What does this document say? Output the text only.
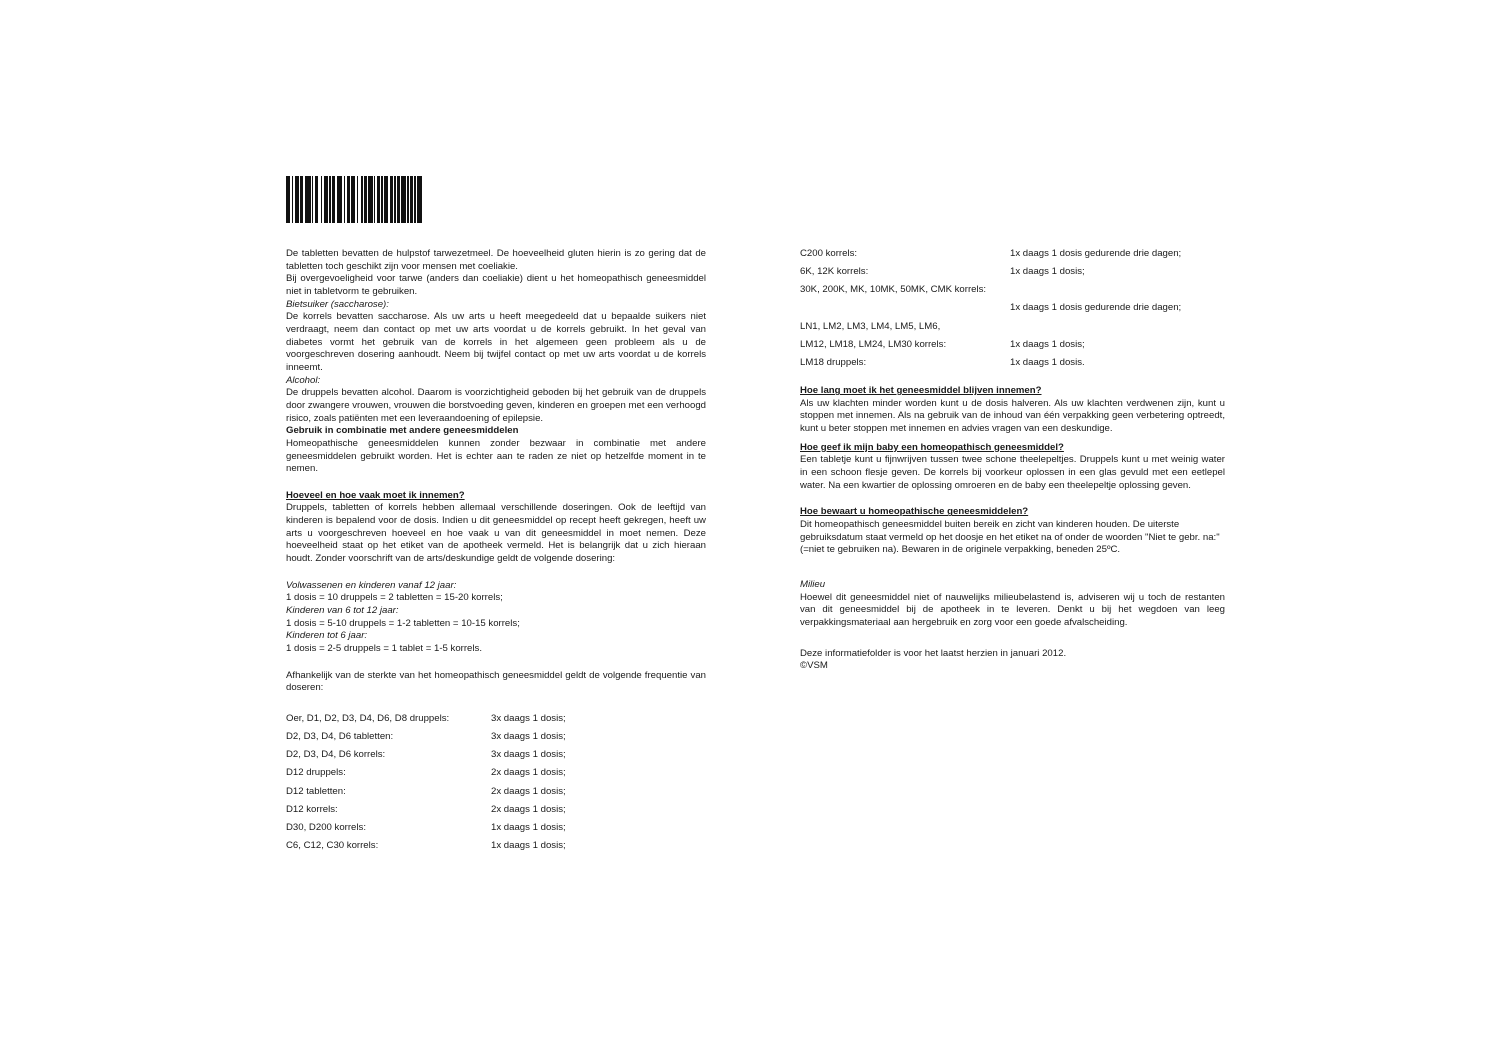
De tabletten bevatten de hulpstof tarwezetmeel. De hoeveelheid gluten hierin is zo gering dat de tabletten toch geschikt zijn voor mensen met coeliakie.

Bij overgevoeligheid voor tarwe (anders dan coeliakie) dient u het homeopathisch geneesmiddel niet in tabletvorm te gebruiken.

Bietsuiker (saccharose):

De korrels bevatten saccharose. Als uw arts u heeft meegedeeld dat u bepaalde suikers niet verdraagt, neem dan contact op met uw arts voordat u de korrels gebruikt. In het geval van diabetes vormt het gebruik van de korrels in het algemeen geen probleem als u de voorgeschreven dosering aanhoudt. Neem bij twijfel contact op met uw arts voordat u de korrels inneemt.

Alcohol:

De druppels bevatten alcohol. Daarom is voorzichtigheid geboden bij het gebruik van de druppels door zwangere vrouwen, vrouwen die borstvoeding geven, kinderen en groepen met een verhoogd risico, zoals patiënten met een leveraandoening of epilepsie.

Gebruik in combinatie met andere geneesmiddelen

Homeopathische geneesmiddelen kunnen zonder bezwaar in combinatie met andere geneesmiddelen gebruikt worden. Het is echter aan te raden ze niet op hetzelfde moment in te nemen.

Hoeveel en hoe vaak moet ik innemen?

Druppels, tabletten of korrels hebben allemaal verschillende doseringen. Ook de leeftijd van kinderen is bepalend voor de dosis. Indien u dit geneesmiddel op recept heeft gekregen, heeft uw arts u voorgeschreven hoeveel en hoe vaak u van dit geneesmiddel in moet nemen. Deze hoeveelheid staat op het etiket van de apotheek vermeld. Het is belangrijk dat u zich hieraan houdt. Zonder voorschrift van de arts/deskundige geldt de volgende dosering:

Volwassenen en kinderen vanaf 12 jaar:

1 dosis = 10 druppels = 2 tabletten = 15-20 korrels;

Kinderen van 6 tot 12 jaar:

1 dosis = 5-10 druppels = 1-2 tabletten = 10-15 korrels;

Kinderen tot 6 jaar:

1 dosis = 2-5 druppels = 1 tablet = 1-5 korrels.

Afhankelijk van de sterkte van het homeopathisch geneesmiddel geldt de volgende frequentie van doseren:

Oer, D1, D2, D3, D4, D6, D8 druppels:	3x daags 1 dosis;
D2, D3, D4, D6 tabletten:	3x daags 1 dosis;
D2, D3, D4, D6 korrels:	3x daags 1 dosis;
D12 druppels:	2x daags 1 dosis;
D12 tabletten:	2x daags 1 dosis;
D12 korrels:	2x daags 1 dosis;
D30, D200 korrels:	1x daags 1 dosis;
C6, C12, C30 korrels:	1x daags 1 dosis;
C200 korrels:	1x daags 1 dosis gedurende drie dagen;
6K, 12K korrels:	1x daags 1 dosis;
30K, 200K, MK, 10MK, 50MK, CMK korrels:	
	1x daags 1 dosis gedurende drie dagen;
LN1, LM2, LM3, LM4, LM5, LM6,	
LM12, LM18, LM24, LM30 korrels:	1x daags 1 dosis;
LM18 druppels:	1x daags 1 dosis.

Hoe lang moet ik het geneesmiddel blijven innemen?

Als uw klachten minder worden kunt u de dosis halveren. Als uw klachten verdwenen zijn, kunt u stoppen met innemen. Als na gebruik van de inhoud van één verpakking geen verbetering optreedt, kunt u beter stoppen met innemen en advies vragen van een deskundige.

Hoe geef ik mijn baby een homeopathisch geneesmiddel?

Een tabletje kunt u fijnwrijven tussen twee schone theelepeltjes. Druppels kunt u met weinig water in een schoon flesje geven. De korrels bij voorkeur oplossen in een glas gevuld met een eetlepel water. Na een kwartier de oplossing omroeren en de baby een theelepeltje oplossing geven.

Hoe bewaart u homeopathische geneesmiddelen?

Dit homeopathisch geneesmiddel buiten bereik en zicht van kinderen houden. De uiterste gebruiksdatum staat vermeld op het doosje en het etiket na of onder de woorden "Niet te gebr. na:" (=niet te gebruiken na). Bewaren in de originele verpakking, beneden 25ºC.

Milieu

Hoewel dit geneesmiddel niet of nauwelijks milieubelastend is, adviseren wij u toch de restanten van dit geneesmiddel bij de apotheek in te leveren. Denkt u bij het wegdoen van leeg verpakkingsmateriaal aan hergebruik en zorg voor een goede afvalscheiding.

Deze informatiefolder is voor het laatst herzien in januari 2012.

©VSM
